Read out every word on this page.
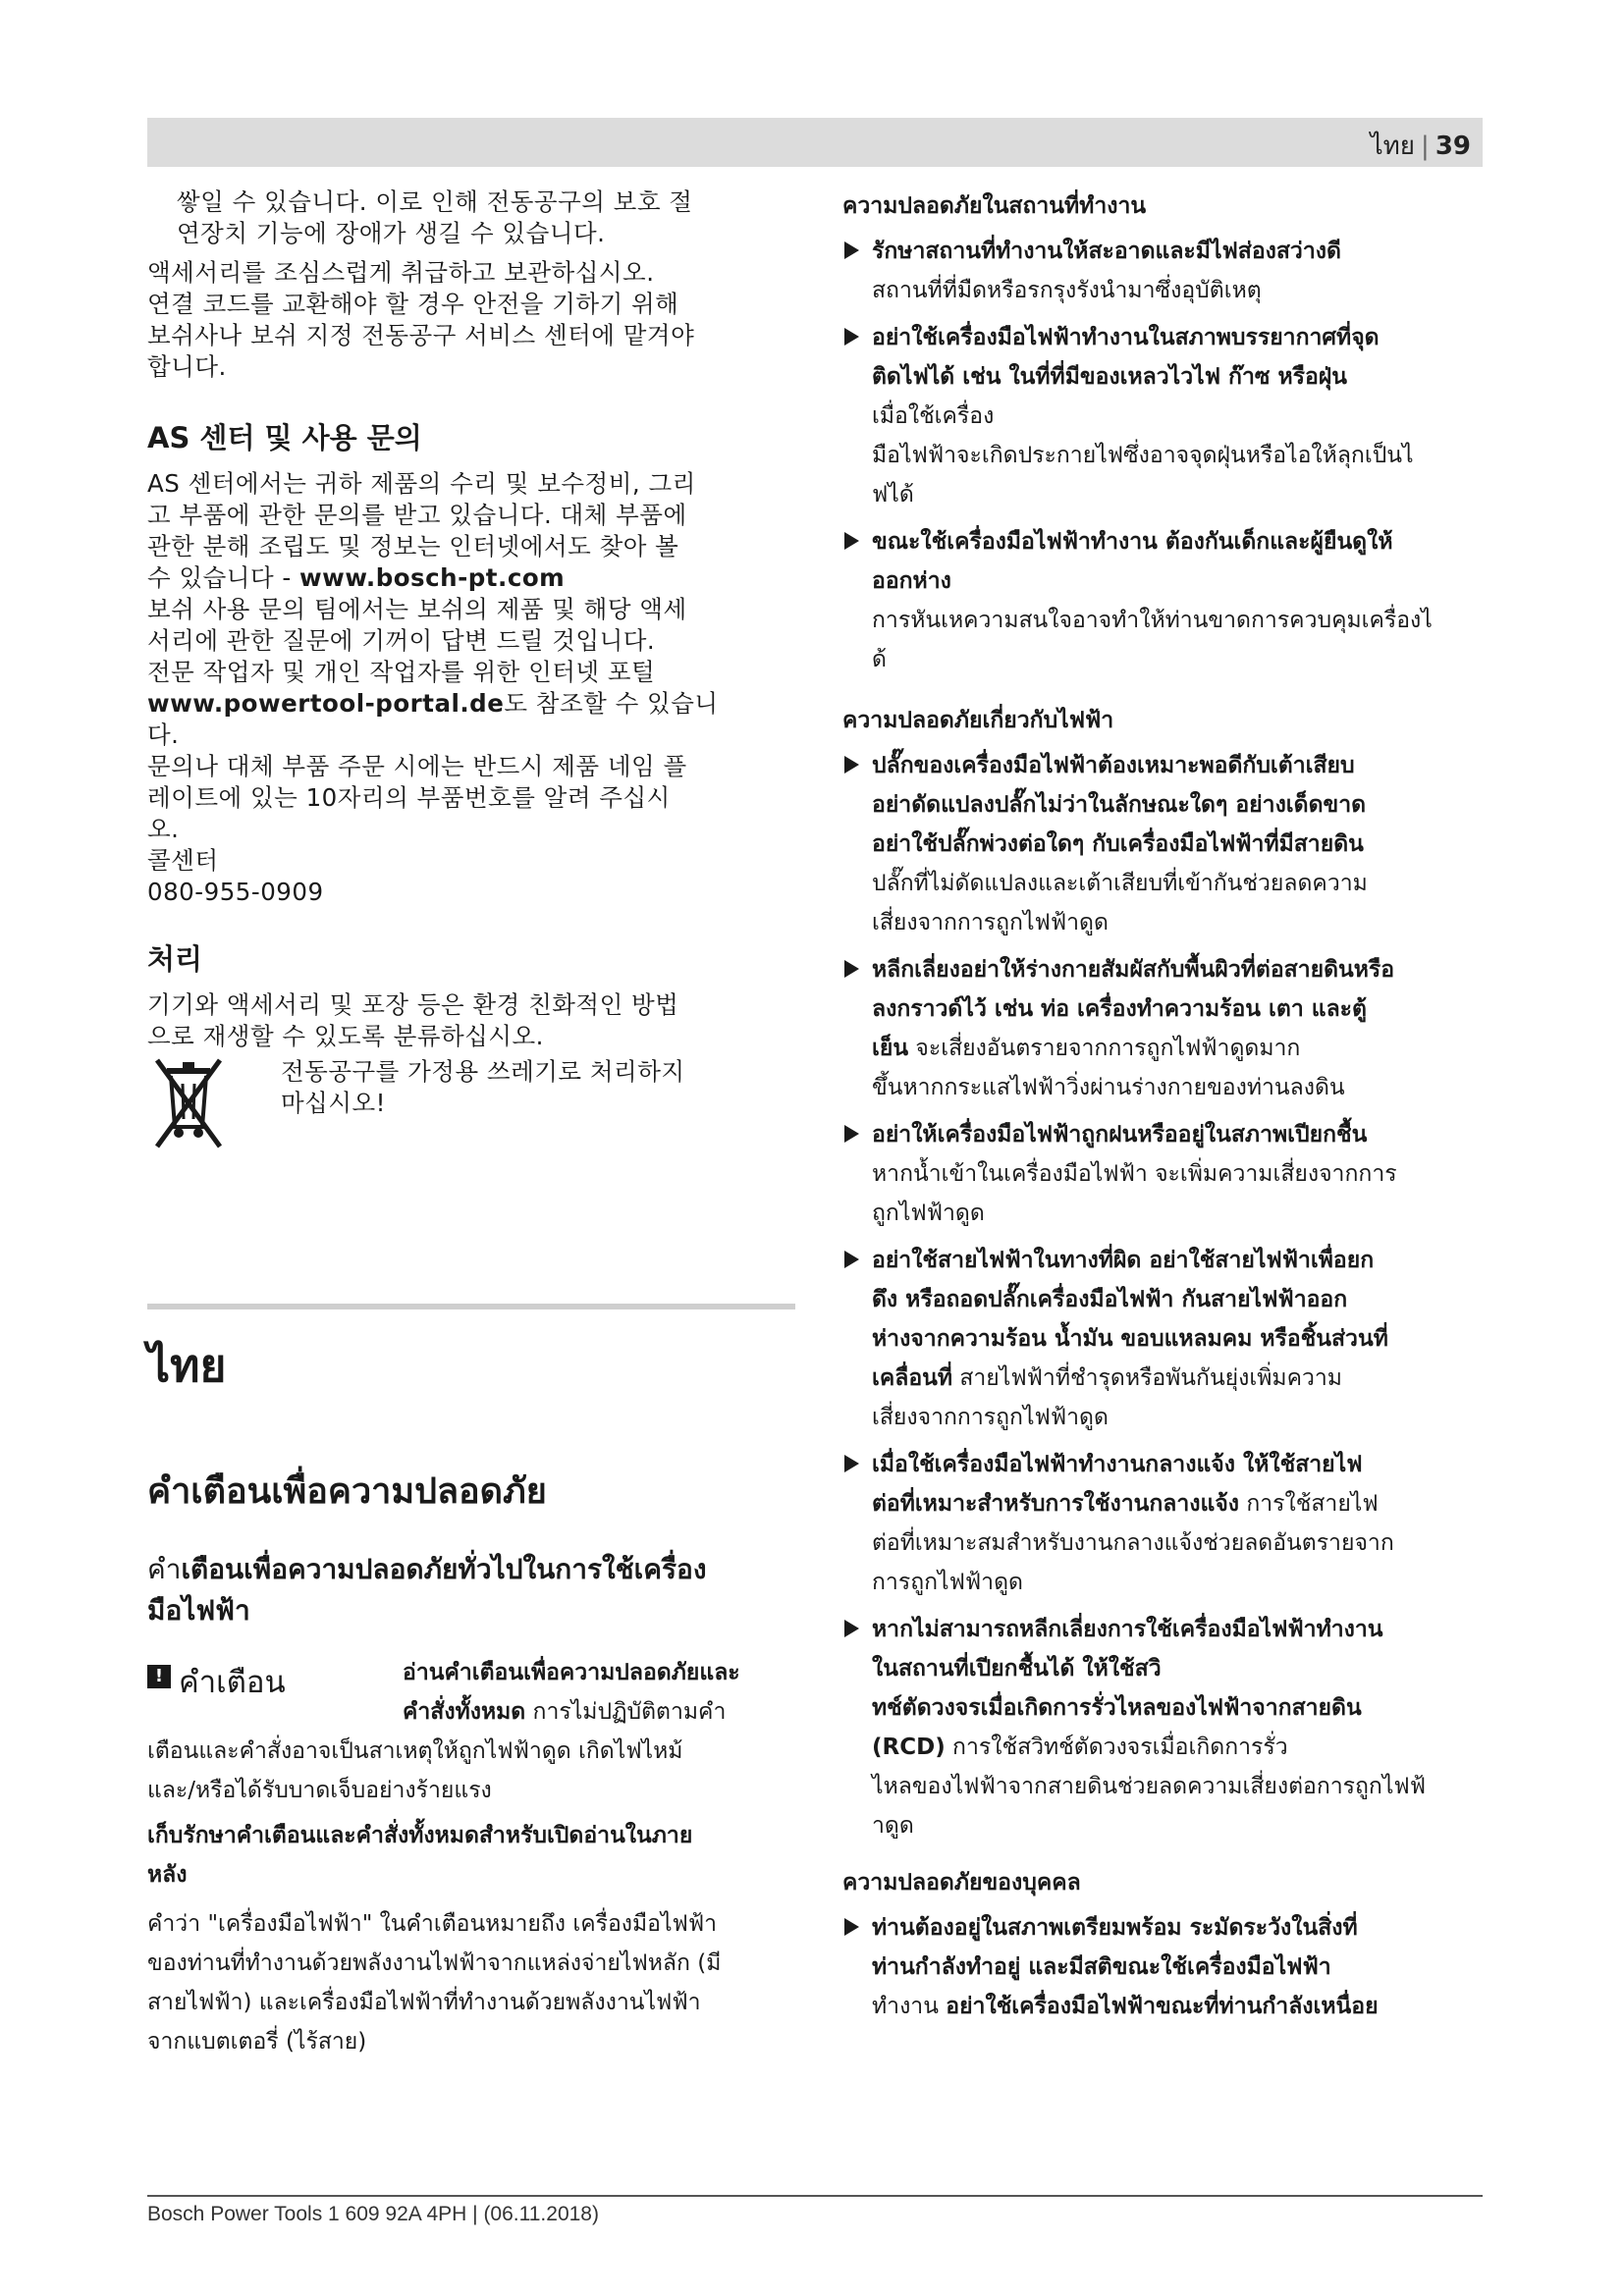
ไทย | 39

쌓일 수 있습니다. 이로 인해 전동공구의 보호 절

연장치 기능에 장애가 생길 수 있습니다.

액세서리를 조심스럽게 취급하고 보관하십시오.

연결 코드를 교환해야 할 경우 안전을 기하기 위해

보쉬사나 보쉬 지정 전동공구 서비스 센터에 맡겨야

합니다.

AS 센터 및 사용 문의

AS 센터에서는 귀하 제품의 수리 및 보수정비, 그리

고 부품에 관한 문의를 받고 있습니다. 대체 부품에

관한 분해 조립도 및 정보는 인터넷에서도 찾아 볼

수 있습니다 - www.bosch-pt.com

보쉬 사용 문의 팀에서는 보쉬의 제품 및 해당 액세

서리에 관한 질문에 기꺼이 답변 드릴 것입니다.

전문 작업자 및 개인 작업자를 위한 인터넷 포털

www.powertool-portal.de도 참조할 수 있습니

다.

문의나 대체 부품 주문 시에는 반드시 제품 네임 플

레이트에 있는 10자리의 부품번호를 알려 주십시

오.

콜센터

080-955-0909

처리

기기와 액세서리 및 포장 등은 환경 친화적인 방법

으로 재생할 수 있도록 분류하십시오.

전동공구를 가정용 쓰레기로 처리하지

마십시오!

ไทย
คำเตือนเพื่อความปลอดภัย

คำเตือนเพื่อความปลอดภัยทั่วไปในการใช้เครื่อง

มือไฟฟ้า

! คำเตือน	อ่านคำเตือนเพื่อความปลอดภัยและ

คำสั่งทั้งหมด การไม่ปฏิบัติตามคำ

เตือนและคำสั่งอาจเป็นสาเหตุให้ถูกไฟฟ้าดูด เกิดไฟไหม้

และ/หรือได้รับบาดเจ็บอย่างร้ายแรง

เก็บรักษาคำเตือนและคำสั่งทั้งหมดสำหรับเปิดอ่านในภาย

หลัง

คำว่า "เครื่องมือไฟฟ้า" ในคำเตือนหมายถึง เครื่องมือไฟฟ้า

ของท่านที่ทำงานด้วยพลังงานไฟฟ้าจากแหล่งจ่ายไฟหลัก (มี

สายไฟฟ้า) และเครื่องมือไฟฟ้าที่ทำงานด้วยพลังงานไฟฟ้า

จากแบตเตอรี่ (ไร้สาย)

ความปลอดภัยในสถานที่ทำงาน

รักษาสถานที่ทำงานให้สะอาดและมีไฟส่องสว่างดี

สถานที่ที่มืดหรือรกรุงรังนำมาซึ่งอุบัติเหตุ

อย่าใช้เครื่องมือไฟฟ้าทำงานในสภาพบรรยากาศที่จุด

ติดไฟได้ เช่น ในที่ที่มีของเหลวไวไฟ ก๊าซ หรือฝุ่น

เมื่อใช้เครื่อง

มือไฟฟ้าจะเกิดประกายไฟซึ่งอาจจุดฝุ่นหรือไอให้ลุกเป็นไ

ฟได้

ขณะใช้เครื่องมือไฟฟ้าทำงาน ต้องกันเด็กและผู้ยืนดูให้

ออกห่าง

การหันเหความสนใจอาจทำให้ท่านขาดการควบคุมเครื่องไ

ด้

ความปลอดภัยเกี่ยวกับไฟฟ้า

ปลั๊กของเครื่องมือไฟฟ้าต้องเหมาะพอดีกับเต้าเสียบ

อย่าดัดแปลงปลั๊กไม่ว่าในลักษณะใดๆ อย่างเด็ดขาด

อย่าใช้ปลั๊กพ่วงต่อใดๆ กับเครื่องมือไฟฟ้าที่มีสายดิน

ปลั๊กที่ไม่ดัดแปลงและเต้าเสียบที่เข้ากันช่วยลดความ

เสี่ยงจากการถูกไฟฟ้าดูด

หลีกเลี่ยงอย่าให้ร่างกายสัมผัสกับพื้นผิวที่ต่อสายดินหรือ

ลงกราวด์ไว้ เช่น ท่อ เครื่องทำความร้อน เตา และตู้

เย็น จะเสี่ยงอันตรายจากการถูกไฟฟ้าดูดมาก

ขึ้นหากกระแสไฟฟ้าวิ่งผ่านร่างกายของท่านลงดิน

อย่าให้เครื่องมือไฟฟ้าถูกฝนหรืออยู่ในสภาพเปียกชื้น

หากน้ำเข้าในเครื่องมือไฟฟ้า จะเพิ่มความเสี่ยงจากการ

ถูกไฟฟ้าดูด

อย่าใช้สายไฟฟ้าในทางที่ผิด อย่าใช้สายไฟฟ้าเพื่อยก

ดึง หรือถอดปลั๊กเครื่องมือไฟฟ้า กันสายไฟฟ้าออก

ห่างจากความร้อน น้ำมัน ขอบแหลมคม หรือชิ้นส่วนที่

เคลื่อนที่ สายไฟฟ้าที่ชำรุดหรือพันกันยุ่งเพิ่มความ

เสี่ยงจากการถูกไฟฟ้าดูด

เมื่อใช้เครื่องมือไฟฟ้าทำงานกลางแจ้ง ให้ใช้สายไฟ

ต่อที่เหมาะสำหรับการใช้งานกลางแจ้ง การใช้สายไฟ

ต่อที่เหมาะสมสำหรับงานกลางแจ้งช่วยลดอันตรายจาก

การถูกไฟฟ้าดูด

หากไม่สามารถหลีกเลี่ยงการใช้เครื่องมือไฟฟ้าทำงาน

ในสถานที่เปียกชื้นได้ ให้ใช้สวิ

ทช์ตัดวงจรเมื่อเกิดการรั่วไหลของไฟฟ้าจากสายดิน

(RCD) การใช้สวิทช์ตัดวงจรเมื่อเกิดการรั่ว

ไหลของไฟฟ้าจากสายดินช่วยลดความเสี่ยงต่อการถูกไฟฟ้

าดูด

ความปลอดภัยของบุคคล

ท่านต้องอยู่ในสภาพเตรียมพร้อม ระมัดระวังในสิ่งที่

ท่านกำลังทำอยู่ และมีสติขณะใช้เครื่องมือไฟฟ้า

ทำงาน อย่าใช้เครื่องมือไฟฟ้าขณะที่ท่านกำลังเหนื่อย

Bosch Power Tools 1 609 92A 4PH | (06.11.2018)
